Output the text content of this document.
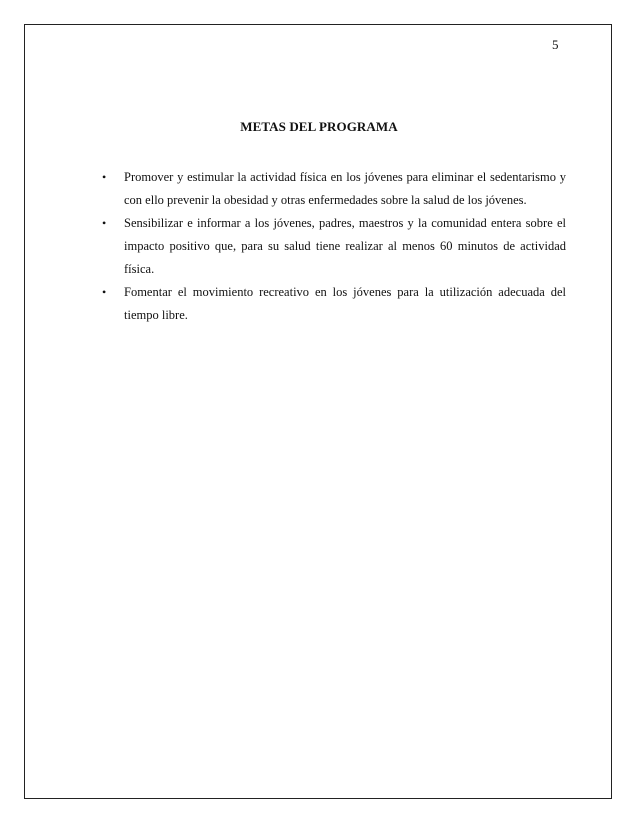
5
METAS DEL PROGRAMA
• Promover y estimular la actividad física en los jóvenes para eliminar el sedentarismo y con ello prevenir la obesidad y otras enfermedades sobre la salud de los jóvenes.
• Sensibilizar e informar a los jóvenes, padres, maestros y la comunidad entera sobre el impacto positivo que, para su salud tiene realizar al menos 60 minutos de actividad física.
• Fomentar el movimiento recreativo en los jóvenes para la utilización adecuada del tiempo libre.
